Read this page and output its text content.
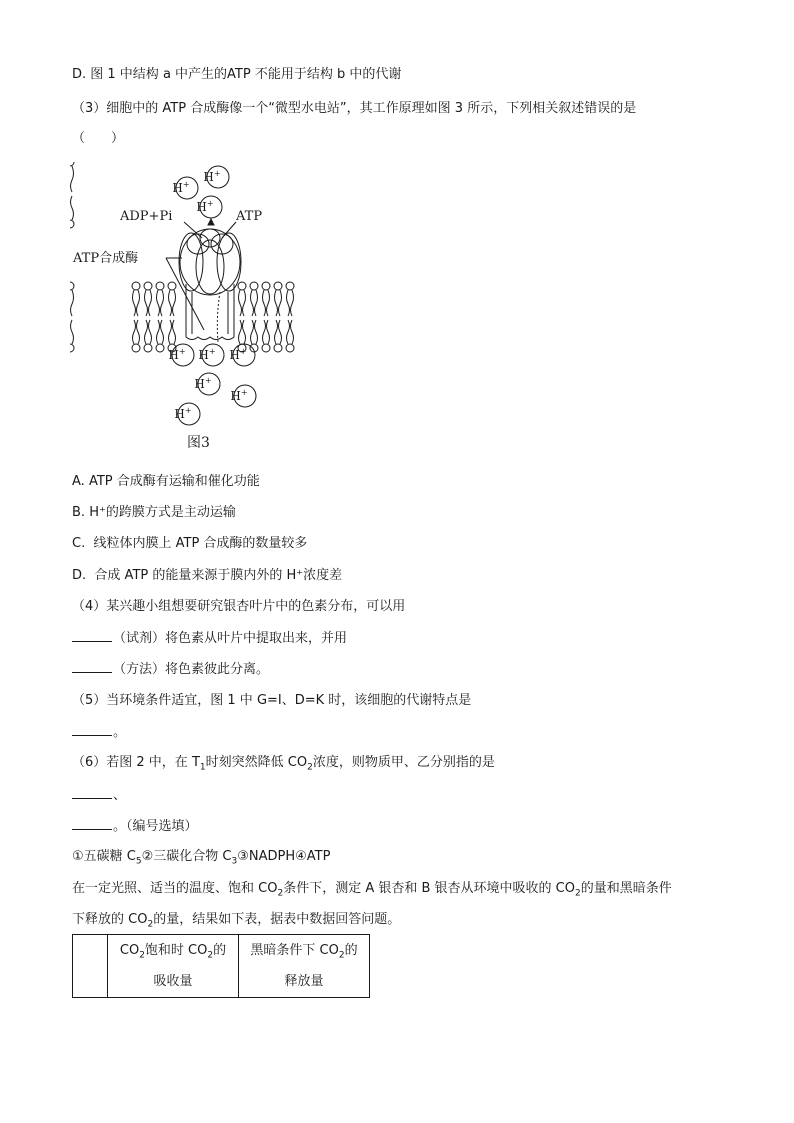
D. 图 1 中结构 a 中产生的ATP 不能用于结构 b 中的代谢
（3）细胞中的 ATP 合成酶像一个“微型水电站”，其工作原理如图 3 所示，下列相关叙述错误的是
（　　）
H+
H+
H+
H+ H+ H+
H+
H+
H+
ADP+Pi	ATP
ATP合成酶
图3
A. ATP 合成酶有运输和催化功能
B. H⁺的跨膜方式是主动运输
C. 线粒体内膜上 ATP 合成酶的数量较多
D. 合成 ATP 的能量来源于膜内外的 H⁺浓度差
（4）某兴趣小组想要研究银杏叶片中的色素分布，可以用
（试剂）将色素从叶片中提取出来，并用
（方法）将色素彼此分离。
（5）当环境条件适宜，图 1 中 G=I、D=K 时，该细胞的代谢特点是
。
（6）若图 2 中，在 $T_1$时刻突然降低 $CO_2$浓度，则物质甲、乙分别指的是
、
。（编号选填）
①五碳糖 $C_5②$三碳化合物 $C_3③NADPH④ATP$
在一定光照、适当的温度、饱和 $CO_2$条件下，测定 A 银杏和 B 银杏从环境中吸收的 $CO_2$的量和黑暗条件
下释放的 $CO_2$的量，结果如下表，据表中数据回答问题。

$CO_2$饱和时 $CO_2$的
吸收量

黑暗条件下 $CO_2$的
释放量
